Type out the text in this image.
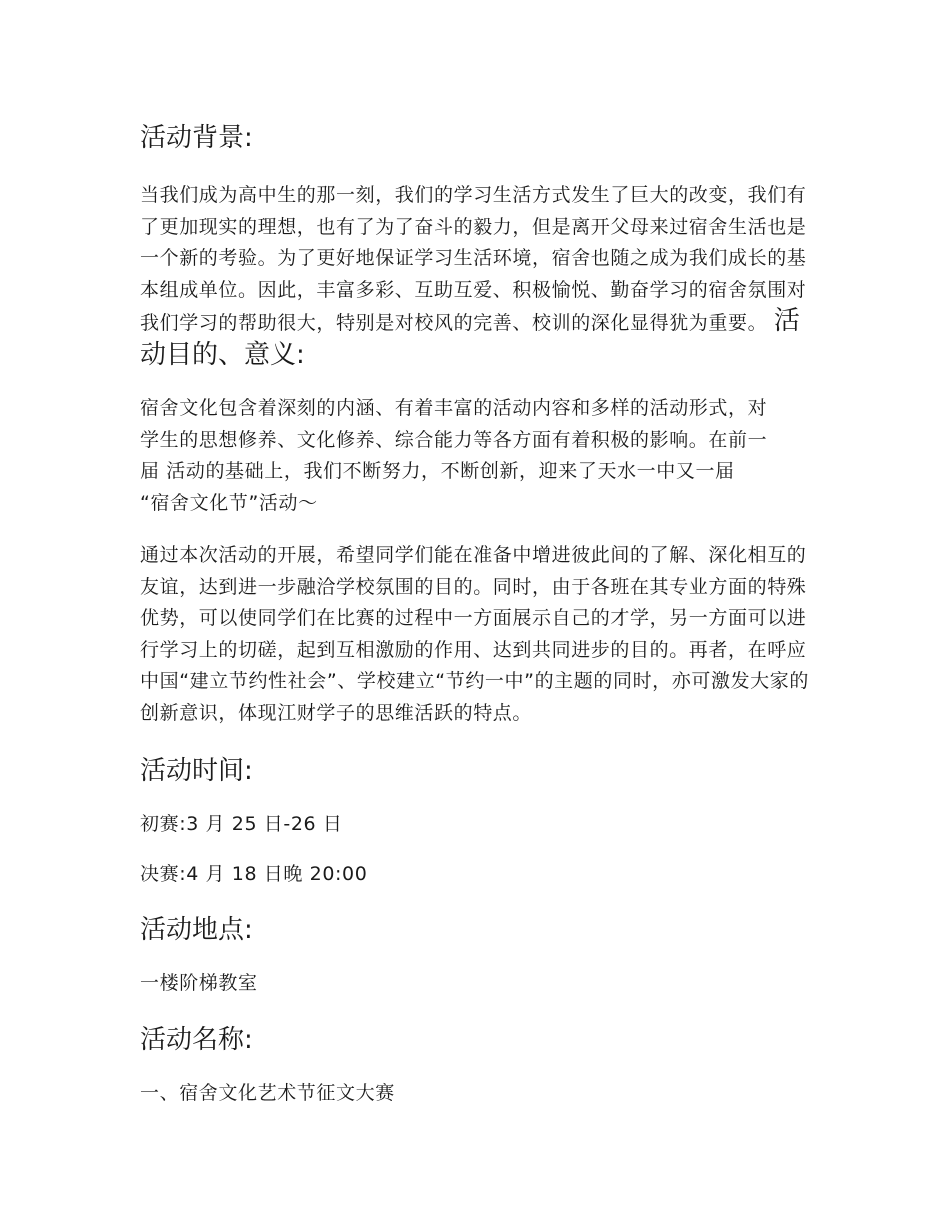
活动背景:

当我们成为高中生的那一刻，我们的学习生活方式发生了巨大的改变，我们有了更加现实的理想，也有了为了奋斗的毅力，但是离开父母来过宿舍生活也是一个新的考验。为了更好地保证学习生活环境，宿舍也随之成为我们成长的基本组成单位。因此，丰富多彩、互助互爱、积极愉悦、勤奋学习的宿舍氛围对我们学习的帮助很大，特别是对校风的完善、校训的深化显得犹为重要。 活动目的、意义:

宿舍文化包含着深刻的内涵、有着丰富的活动内容和多样的活动形式，对
学生的思想修养、文化修养、综合能力等各方面有着积极的影响。在前一
届 活动的基础上，我们不断努力，不断创新，迎来了天水一中又一届
“宿舍文化节”活动～

通过本次活动的开展，希望同学们能在准备中增进彼此间的了解、深化相互的友谊，达到进一步融洽学校氛围的目的。同时，由于各班在其专业方面的特殊优势，可以使同学们在比赛的过程中一方面展示自己的才学，另一方面可以进行学习上的切磋，起到互相激励的作用、达到共同进步的目的。再者，在呼应中国“建立节约性社会”、学校建立“节约一中”的主题的同时，亦可激发大家的创新意识，体现江财学子的思维活跃的特点。

活动时间:

初赛:3 月 25 日-26 日

决赛:4 月 18 日晚 20:00

活动地点:

一楼阶梯教室

活动名称:

一、宿舍文化艺术节征文大赛
